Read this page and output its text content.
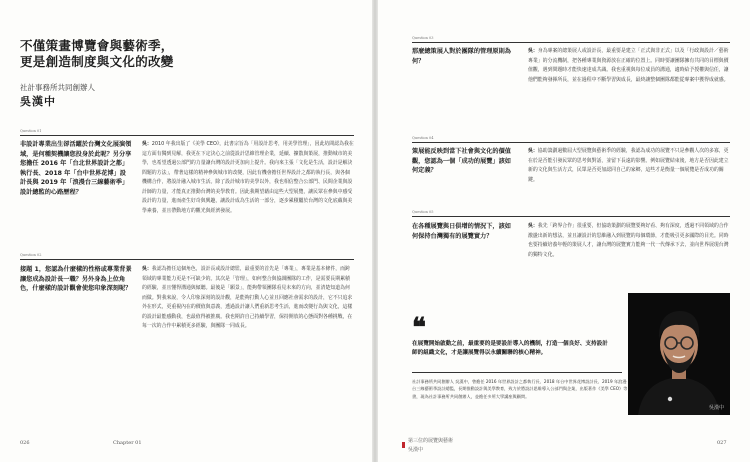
不僅策畫博覽會與藝術季，
更是創造制度與文化的改變
社計事務所共同創辦人
吳漢中
Question 01
非設計專業出生卻活躍於台灣文化展演領域，是何種契機讓您投身於此呢？另分享您擔任 2016 年「台北世界設計之都」執行長、2018 年「台中世界花博」設計長與 2019 年「浪漫台三線藝術季」設計總監的心路歷程？
吳：2010 年我出版了《美學 CEO》，此書宗旨為「用設計思考，用美學管理」，因此坊間認為我在這方面有獨到見解，我更在下定決心之前從設計思維管理企業，延續、擴散與策展，推動城市的美學，也希望透過公部門的力量讓台灣的設計更加向上提升。我向來主張「文化是生活，設計是解決問題的方法」，帶著這樣的精神參與城市的改變，因此有機會擔任世界設計之都的執行長，與各個機構合作，將設計融入城市生活。除了設計城市的美學以外，我也相信整合公部門、民間企業與設計師的力量，才能真正推動台灣的美學教育。因此我期望藉由這些大型展覽，讓民眾在參與中感受設計的力量，進而產生好奇與興趣，讓設計成為生活的一部分，逐步累積屬於台灣的文化底蘊與美學素養，並且帶動地方的觀光與經濟發展。
Question 02
接題 1，您認為什麼樣的性格或專業背景讓您成為設計長一職？另外身為上位角色，什麼樣的設計觀會使您印象深刻呢？
吳：我認為擔任這個角色，設計長或設計總監，最重要的首先是「專業」，專業是基本條件，而跨領域的專業能力更是不可缺少的。其次是「管理」，如何整合與協調團隊的工作，是需要長期累積的經驗，並且懂得溝通與傾聽。最後是「願景」，能夠帶領團隊看見未來的方向，並清楚知道為何而做。對我來說，令人印象深刻的設計觀，是能夠打動人心並且回應社會需求的設計，它不只追求外在形式，更重視內在的價值與意義，透過設計讓人們重新思考生活，進而改變行為與文化，這樣的設計最能感動我，也最值得被推廣。我也期許自己持續學習，保持開放的心態面對各種挑戰，在每一次的合作中累積更多經驗，與團隊一同成長。
Question 03
那麼總策展人對於團隊的管理原則為何？
吳：身為專案的總策展人或設計長，最重要是建立「正式與非正式」以及「行政與設計／藝術專業」的分流機制，把各種專業與資源放在正確的位置上。同時要讓團隊擁有共同的目標與價值觀，遇到問題時才能快速達成共識。我也重視與每位成員的溝通，適時給予授權與信任，讓他們能夠發揮所長，並在過程中不斷學習與成長，最終讓整個團隊都能從專案中獲得成就感。
Question 04
策展能反映到當下社會與文化的價值觀，您認為一個「成功的展覽」該如何定義？
吳：協助籌劃過數屆大型展覽與藝術季的經驗，我認為成功的展覽不只是參觀人次的多寡，更在於是否能引發民眾的思考與對話，並留下長遠的影響。例如展覽結束後，地方是否因此建立新的文化與生活方式，民眾是否更加認同自己的家鄉，這些才是衡量一個展覽是否成功的關鍵。
Question 05
在各種展覽與日俱增的情況下，該如何保持台灣獨有的展覽實力？
吳：我先「跨界合作」很重要，但協助策劃的展覽要夠好看、夠有深度，透過不同領域的合作激盪出新的想法，並且讓設計的思維融入到展覽的每個環節，才能吸引更多國際的目光。同時也要持續培養年輕的策展人才，讓台灣的展覽實力能夠一代一代傳承下去，並向世界展現台灣的獨特文化。
❝
在展覽開始啟動之前，最重要的是要設計導入的機制，打造一個良好、支持設計師的組織文化，才是讓展覽得以永續關聯的核心精神。
社計事務所共同創辦人 吳漢中，曾擔任 2016 年世界設計之都執行長、2018 年台中世界花博設計長、2019 年浪漫台三線藝術季設計總監，長期推動設計與美學教育，致力於將設計思維導入公部門與企業，出版著作《美學 CEO》等書，現為社計事務所共同創辦人，並擔任多所大學講座與顧問。
吳漢中
026	Chapter 01	第三位的展覽與藝術
吳漢中
027
